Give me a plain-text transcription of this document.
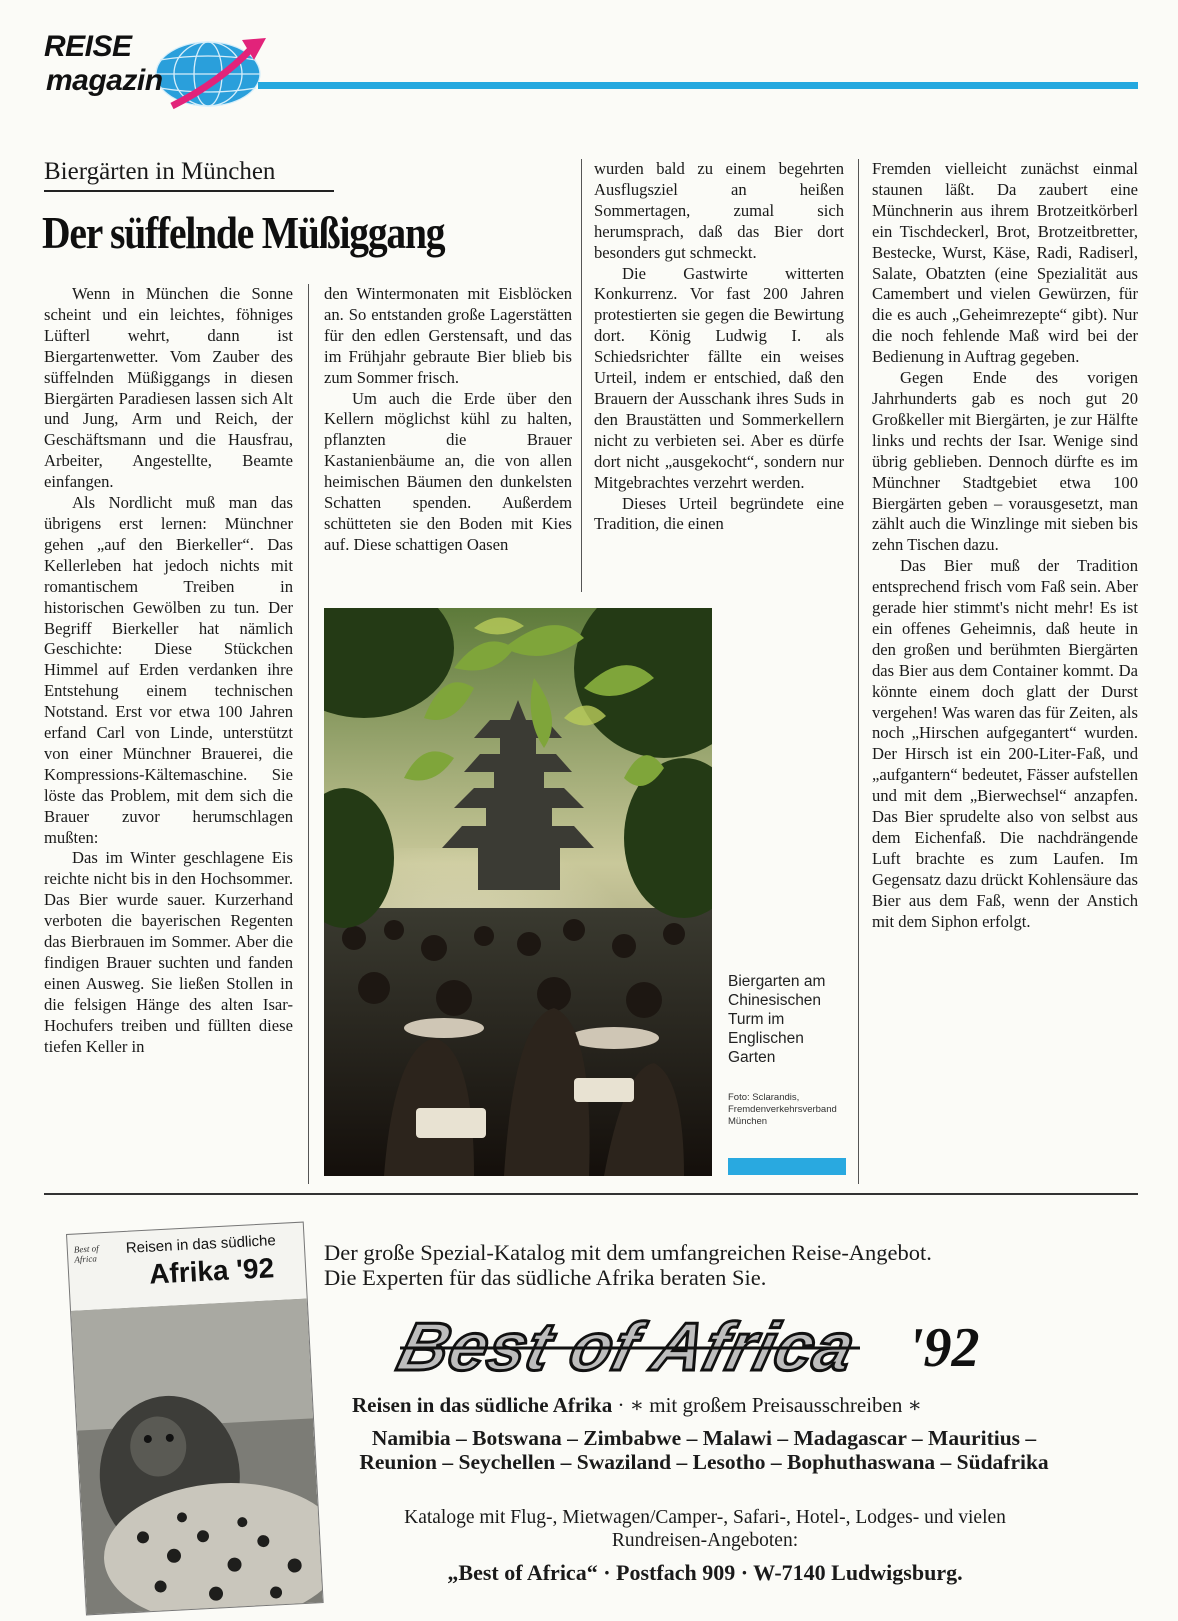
REISE
magazin
Biergärten in München
Der süffelnde Müßiggang

Wenn in München die Sonne scheint und ein leichtes, föhniges Lüfterl wehrt, dann ist Biergartenwetter. Vom Zauber des süffelnden Müßiggangs in diesen Biergärten Paradiesen lassen sich Alt und Jung, Arm und Reich, der Geschäftsmann und die Hausfrau, Arbeiter, Angestellte, Beamte einfangen.

Als Nordlicht muß man das übrigens erst lernen: Münchner gehen „auf den Bierkeller“. Das Kellerleben hat jedoch nichts mit romantischem Treiben in historischen Gewölben zu tun. Der Begriff Bierkeller hat nämlich Geschichte: Diese Stückchen Himmel auf Erden verdanken ihre Entstehung einem technischen Notstand. Erst vor etwa 100 Jahren erfand Carl von Linde, unterstützt von einer Münchner Brauerei, die Kompressions-Kältemaschine. Sie löste das Problem, mit dem sich die Brauer zuvor herumschlagen mußten:

Das im Winter geschlagene Eis reichte nicht bis in den Hochsommer. Das Bier wurde sauer. Kurzerhand verboten die bayerischen Regenten das Bierbrauen im Sommer. Aber die findigen Brauer suchten und fanden einen Ausweg. Sie ließen Stollen in die felsigen Hänge des alten Isar-Hochufers treiben und füllten diese tiefen Keller in

den Wintermonaten mit Eisblöcken an. So entstanden große Lagerstätten für den edlen Gerstensaft, und das im Frühjahr gebraute Bier blieb bis zum Sommer frisch.

Um auch die Erde über den Kellern möglichst kühl zu halten, pflanzten die Brauer Kastanienbäume an, die von allen heimischen Bäumen den dunkelsten Schatten spenden. Außerdem schütteten sie den Boden mit Kies auf. Diese schattigen Oasen

wurden bald zu einem begehrten Ausflugsziel an heißen Sommertagen, zumal sich herumsprach, daß das Bier dort besonders gut schmeckt.

Die Gastwirte witterten Konkurrenz. Vor fast 200 Jahren protestierten sie gegen die Bewirtung dort. König Ludwig I. als Schiedsrichter fällte ein weises Urteil, indem er entschied, daß den Brauern der Ausschank ihres Suds in den Braustätten und Sommerkellern nicht zu verbieten sei. Aber es dürfe dort nicht „ausgekocht“, sondern nur Mitgebrachtes verzehrt werden.

Dieses Urteil begründete eine Tradition, die einen

Fremden vielleicht zunächst einmal staunen läßt. Da zaubert eine Münchnerin aus ihrem Brotzeitkörberl ein Tischdeckerl, Brot, Brotzeitbretter, Bestecke, Wurst, Käse, Radi, Radiserl, Salate, Obatzten (eine Spezialität aus Camembert und vielen Gewürzen, für die es auch „Geheimrezepte“ gibt). Nur die noch fehlende Maß wird bei der Bedienung in Auftrag gegeben.

Gegen Ende des vorigen Jahrhunderts gab es noch gut 20 Großkeller mit Biergärten, je zur Hälfte links und rechts der Isar. Wenige sind übrig geblieben. Dennoch dürfte es im Münchner Stadtgebiet etwa 100 Biergärten geben – vorausgesetzt, man zählt auch die Winzlinge mit sieben bis zehn Tischen dazu.

Das Bier muß der Tradition entsprechend frisch vom Faß sein. Aber gerade hier stimmt's nicht mehr! Es ist ein offenes Geheimnis, daß heute in den großen und berühmten Biergärten das Bier aus dem Container kommt. Da könnte einem doch glatt der Durst vergehen! Was waren das für Zeiten, als noch „Hirschen aufgegantert“ wurden. Der Hirsch ist ein 200-Liter-Faß, und „aufgantern“ bedeutet, Fässer aufstellen und mit dem „Bierwechsel“ anzapfen. Das Bier sprudelte also von selbst aus dem Eichenfaß. Die nachdrängende Luft brachte es zum Laufen. Im Gegensatz dazu drückt Kohlensäure das Bier aus dem Faß, wenn der Anstich mit dem Siphon erfolgt.

Biergarten am Chinesischen Turm im Englischen Garten
Foto: Sclarandis, Fremdenverkehrsverband München
Best of Africa
Reisen in das südliche
Afrika '92 Der große Spezial-Katalog mit dem umfangreichen Reise-Angebot.
Die Experten für das südliche Afrika beraten Sie.
Best of Africa '92
Reisen in das südliche Afrika · ∗ mit großem Preisausschreiben ∗
Namibia – Botswana – Zimbabwe – Malawi – Madagascar – Mauritius – Reunion – Seychellen – Swaziland – Lesotho – Bophuthaswana – Südafrika
Kataloge mit Flug-, Mietwagen/Camper-, Safari-, Hotel-, Lodges- und vielen Rundreisen-Angeboten:
„Best of Africa“ · Postfach 909 · W-7140 Ludwigsburg.
